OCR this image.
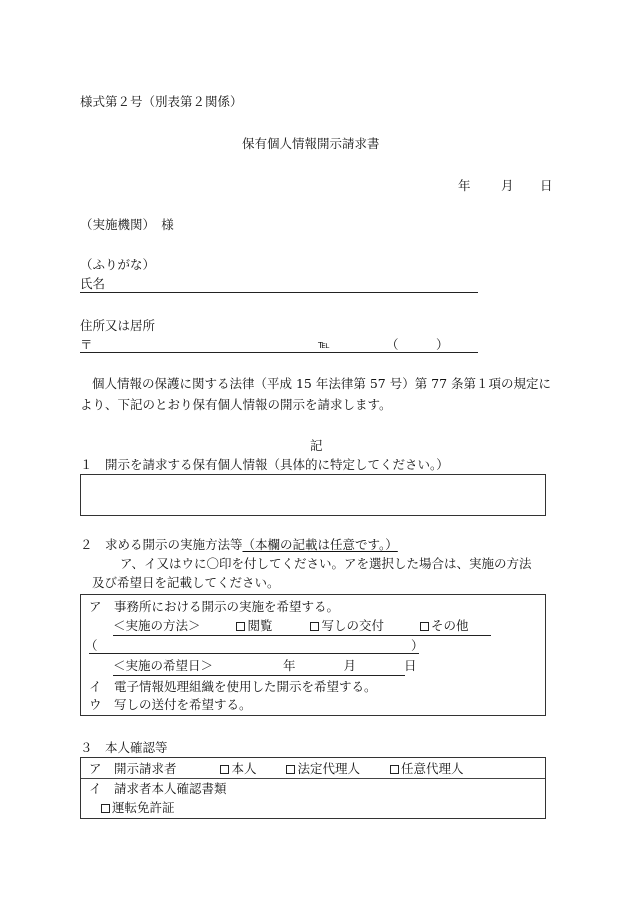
様式第２号（別表第２関係）
保有個人情報開示請求書
年 月 日
（実施機関）　様
（ふりがな）
氏名
住所又は居所
〒	℡	（　　　）
個人情報の保護に関する法律（平成 15 年法律第 57 号）第 77 条第１項の規定に
より、下記のとおり保有個人情報の開示を請求します。
記
１　開示を請求する保有個人情報（具体的に特定してください。）
２　求める開示の実施方法等（本欄の記載は任意です。）
ア、イ又はウに〇印を付してください。アを選択した場合は、実施の方法
及び希望日を記載してください。
ア　事務所における開示の実施を希望する。
＜実施の方法＞	閲覧	写しの交付	その他
（	）
＜実施の希望日＞	年	月	日
イ　電子情報処理組織を使用した開示を希望する。
ウ　写しの送付を希望する。
３　本人確認等
ア　開示請求者	本人	法定代理人	任意代理人
イ　請求者本人確認書類
運転免許証
